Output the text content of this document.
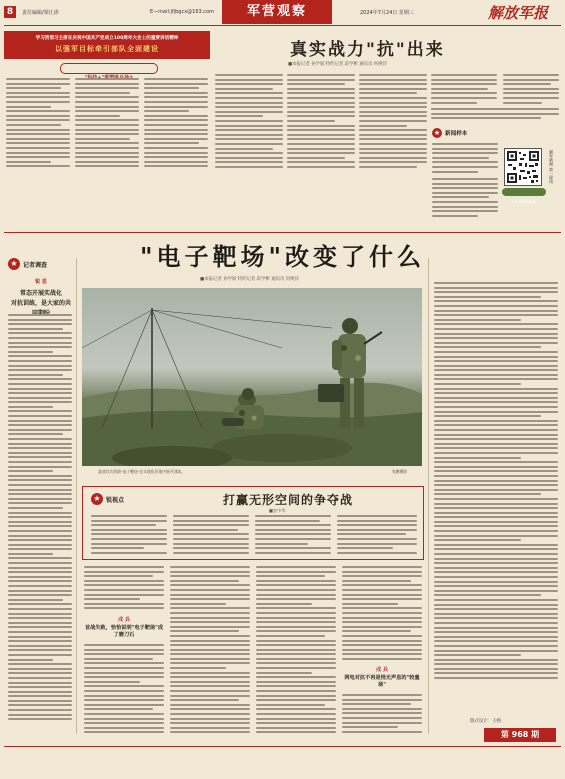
8	责任编辑/梁江涛	E—mail:jfjbgcx@163.com	军营观察	2024年7月24日 星期三	解放军报
学习贯彻习主席在庆祝中国共产党成立100周年大会上的重要讲话精神
以强军目标牵引部队全面建设	真实战力"抗"出来
■本报记者 孙学斌 特约记者 段学彬 通讯员 何焕洋
★ 新闻样本
强军新闻 第一现场
扫码观看视频
"电子靶场"改变了什么
■本报记者 孙学斌 特约记者 段学彬 通讯员 何焕洋
★ 记者调查
锐 思
常态开展实战化
对抗训练，是大家的共
某部官兵借助"电子靶场"在实战化环境中展开训练。	张鹏摄影
★ 锐视点	打赢无形空间的争夺战
■安中华
戍 兵
首战失败，恰恰说明"电子靶场"成了磨刀石
戍 兵
网电对抗不再是悄无声息的"较量场"
版式设计：王栩
第 968 期
